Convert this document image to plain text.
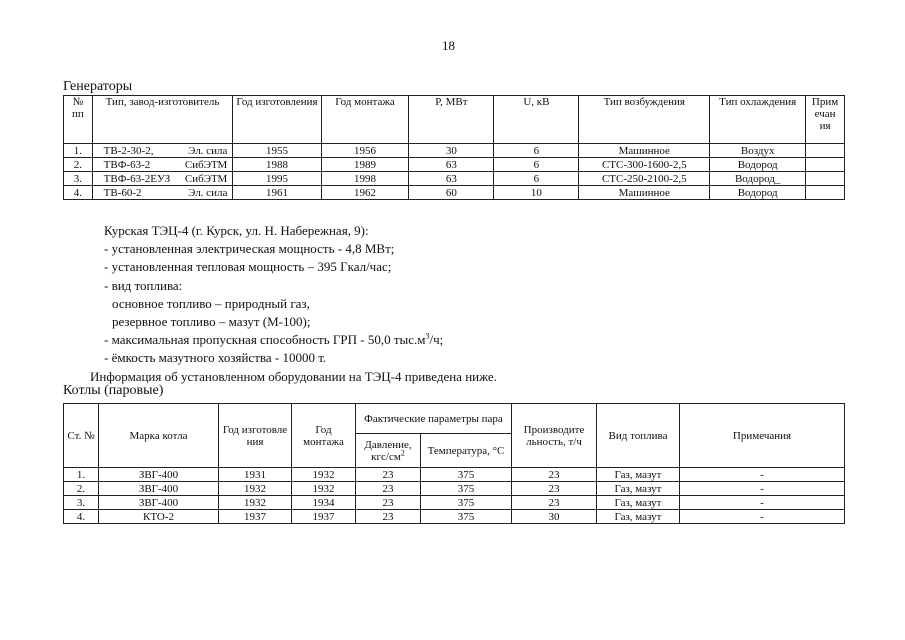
18
Генераторы
№ пп	Тип, завод-изготовитель	Год изготовления	Год монтажа	P, МВт	U, кВ	Тип возбуждения	Тип охлаждения	Прим ечан ия
1.	ТВ-2-30-2, Эл. сила	1955	1956	30	6	Машинное	Воздух	
2.	ТВФ-63-2 СибЭТМ	1988	1989	63	6	СТС-300-1600-2,5	Водород	
3.	ТВФ-63-2ЕУЗ СибЭТМ	1995	1998	63	6	СТС-250-2100-2,5	Водород_	
4.	ТВ-60-2 Эл. сила	1961	1962	60	10	Машинное	Водород	
Курская ТЭЦ-4 (г. Курск, ул. Н. Набережная, 9):
- установленная электрическая мощность - 4,8 МВт;
- установленная тепловая мощность – 395 Гкал/час;
- вид топлива:
основное топливо – природный газ,
резервное топливо – мазут (М-100);
- максимальная пропускная способность ГРП - 50,0 $тыс.м^3/ч$;
- ёмкость мазутного хозяйства - 10000 т.
Информация об установленном оборудовании на ТЭЦ-4 приведена ниже.
Котлы (паровые)
Ст. №	Марка котла	Год изготовле ния	Год монтажа	Фактические параметры пара		Производите льность, т/ч	Вид топлива	Примечания
				Давление, кгс/$см^2$	Температура, °С			
1.	ЗВГ-400	1931	1932	23	375	23	Газ, мазут	-
2.	ЗВГ-400	1932	1932	23	375	23	Газ, мазут	-
3.	ЗВГ-400	1932	1934	23	375	23	Газ, мазут	-
4.	КТО-2	1937	1937	23	375	30	Газ, мазут	-
